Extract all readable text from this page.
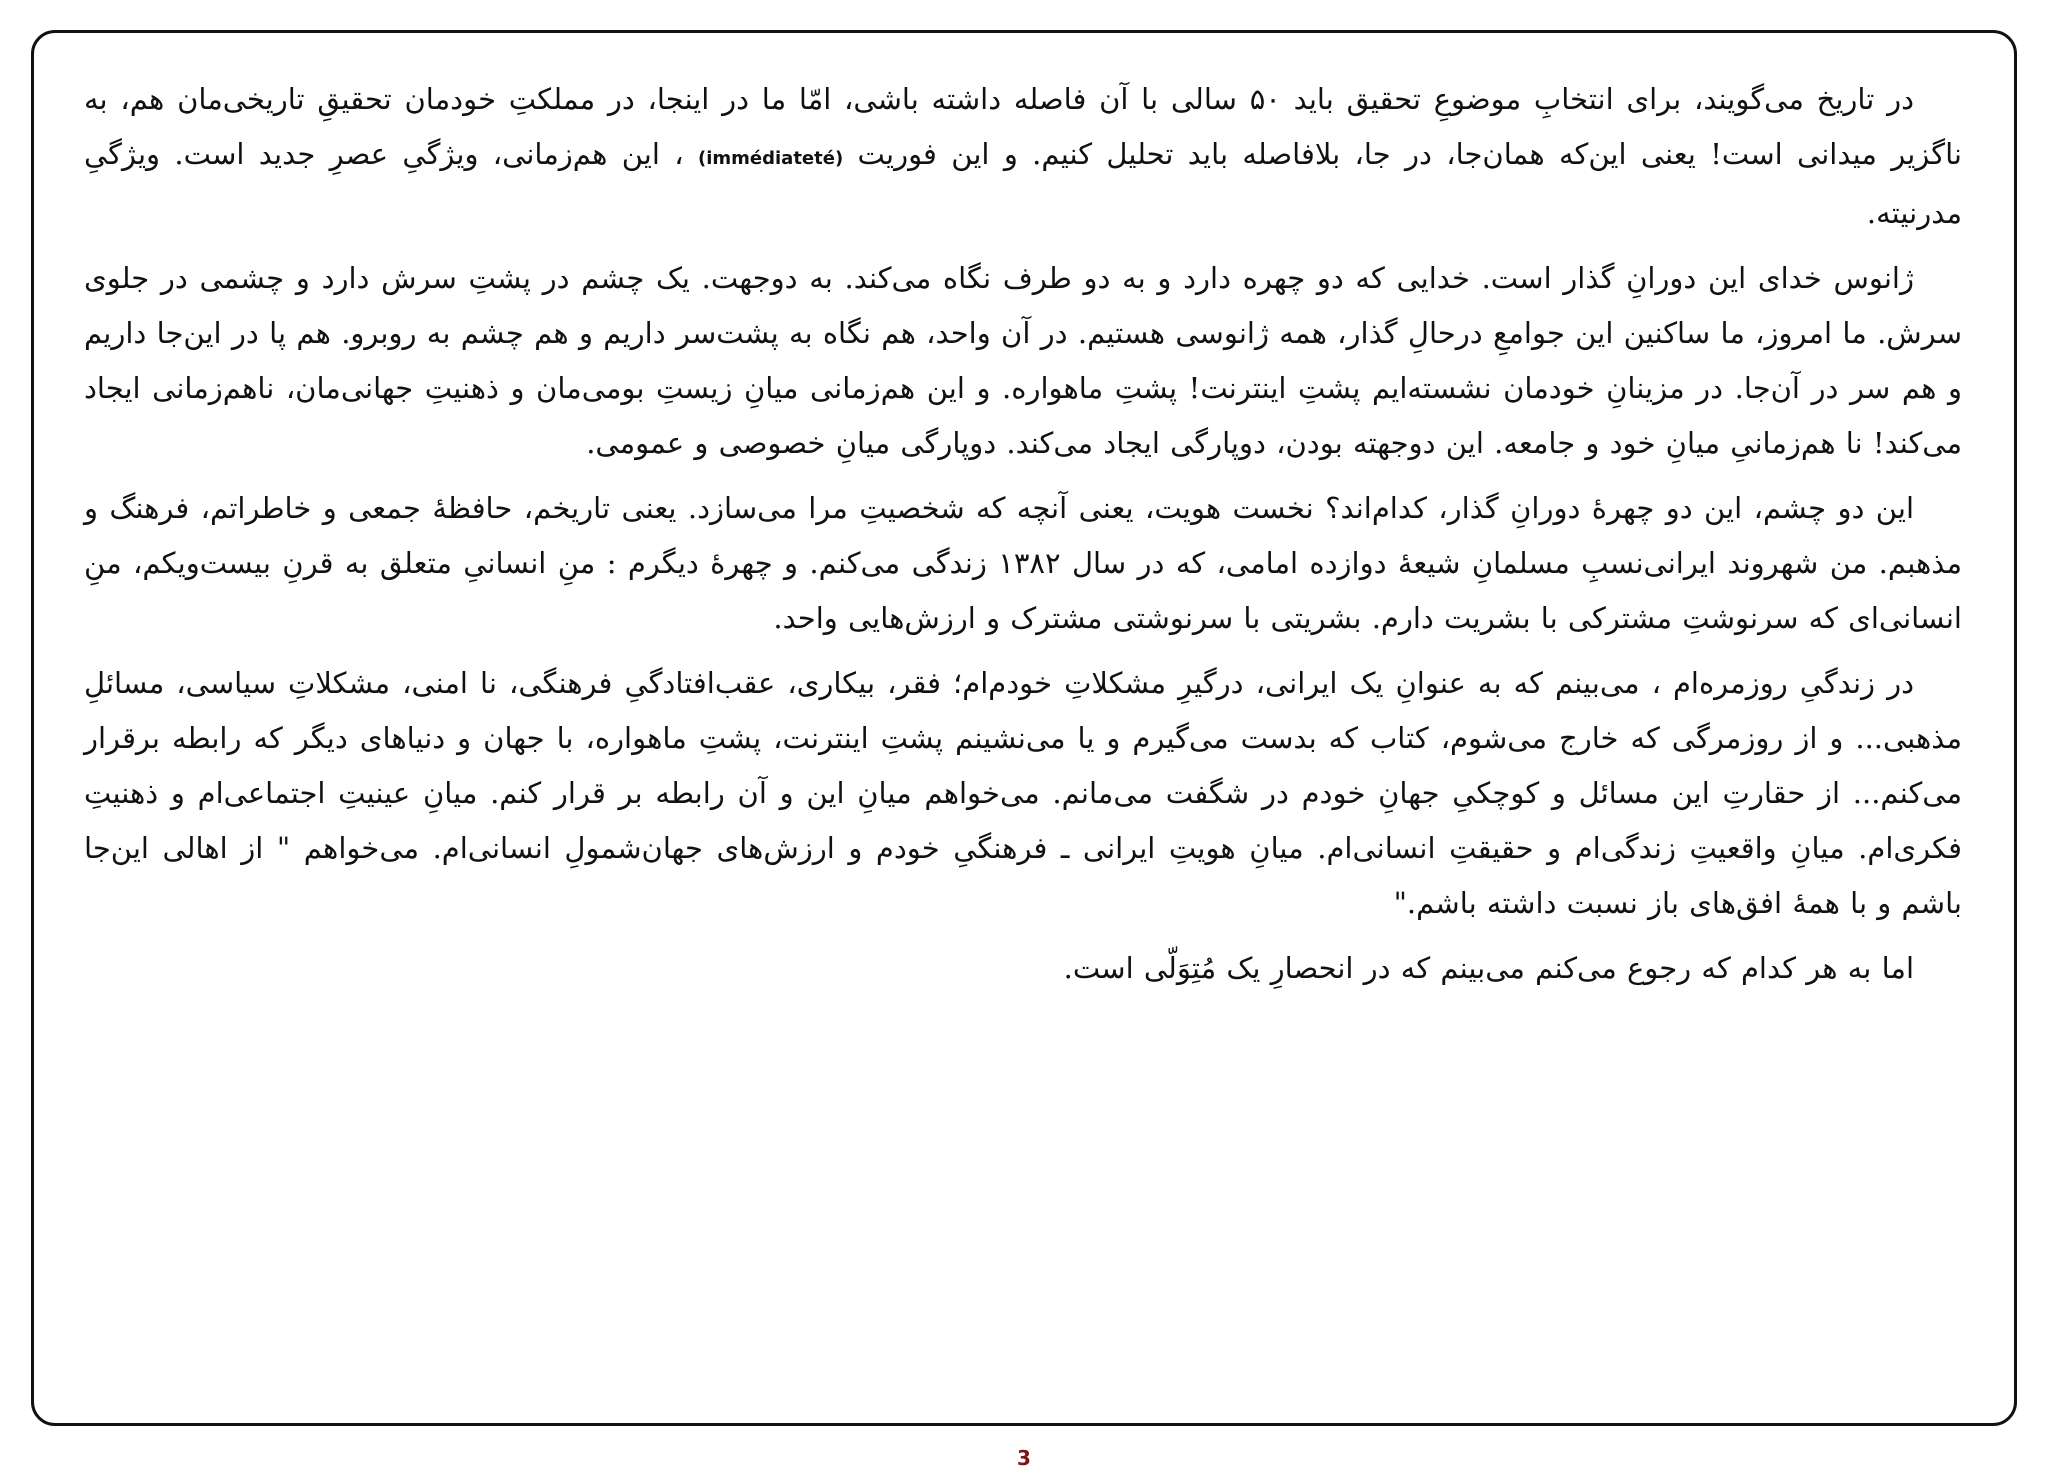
در تاریخ می‌گویند، برای انتخابِ موضوعِ تحقیق باید ۵۰ سالی با آن فاصله داشته باشی، امّا ما در اینجا، در مملکتِ خودمان تحقیقِ تاریخی‌مان هم، به ناگزیر میدانی است! یعنی این‌که همان‌جا، در جا، بلافاصله باید تحلیل کنیم. و این فوریت (immédiateté) ، این هم‌زمانی، ویژگیِ عصرِ جدید است. ویژگیِ مدرنیته.

ژانوس خدای این دورانِ گذار است. خدایی که دو چهره دارد و به دو طرف نگاه می‌کند. به دوجهت. یک چشم در پشتِ سرش دارد و چشمی در جلوی سرش. ما امروز، ما ساکنین این جوامعِ درحالِ گذار، همه ژانوسی هستیم. در آن واحد، هم نگاه به پشت‌سر داریم و هم چشم به روبرو. هم پا در این‌جا داریم و هم سر در آن‌جا. در مزینانِ خودمان نشسته‌ایم پشتِ اینترنت! پشتِ ماهواره. و این هم‌زمانی میانِ زیستِ بومی‌مان و ذهنیتِ جهانی‌مان، ناهم‌زمانی ایجاد می‌کند! نا هم‌زمانیِ میانِ خود و جامعه. این دوجهته بودن، دوپارگی ایجاد می‌کند. دوپارگی میانِ خصوصی و عمومی.

این دو چشم، این دو چهرهٔ دورانِ گذار، کدام‌اند؟ نخست هویت، یعنی آنچه که شخصیتِ مرا می‌سازد. یعنی تاریخم، حافظهٔ جمعی و خاطراتم، فرهنگ و مذهبم. من شهروند ایرانی‌نسبِ مسلمانِ شیعهٔ دوازده امامی، که در سال ۱۳۸۲ زندگی می‌کنم. و چهرهٔ دیگرم : منِ انسانیِ متعلق به قرنِ بیست‌ویکم، منِ انسانی‌ای که سرنوشتِ مشترکی با بشریت دارم. بشریتی با سرنوشتی مشترک و ارزش‌هایی واحد.

در زندگیِ روزمره‌ام ، می‌بینم که به عنوانِ یک ایرانی، درگیرِ مشکلاتِ خودم‌ام؛ فقر، بیکاری، عقب‌افتادگیِ فرهنگی، نا امنی، مشکلاتِ سیاسی، مسائلِ مذهبی... و از روزمرگی که خارج می‌شوم، کتاب که بدست می‌گیرم و یا می‌نشینم پشتِ اینترنت، پشتِ ماهواره، با جهان و دنیاهای دیگر که رابطه برقرار می‌کنم... از حقارتِ این مسائل و کوچکیِ جهانِ خودم در شگفت می‌مانم. می‌خواهم میانِ این و آن رابطه بر قرار کنم. میانِ عینیتِ اجتماعی‌ام و ذهنیتِ فکری‌ام. میانِ واقعیتِ زندگی‌ام و حقیقتِ انسانی‌ام. میانِ هویتِ ایرانی ـ فرهنگیِ خودم و ارزش‌های جهان‌شمولِ انسانی‌ام. می‌خواهم " از اهالی این‌جا باشم و با همهٔ افق‌های باز نسبت داشته باشم."

اما به هر کدام که رجوع می‌کنم می‌بینم که در انحصارِ یک مُتِوَلّی است.

3
